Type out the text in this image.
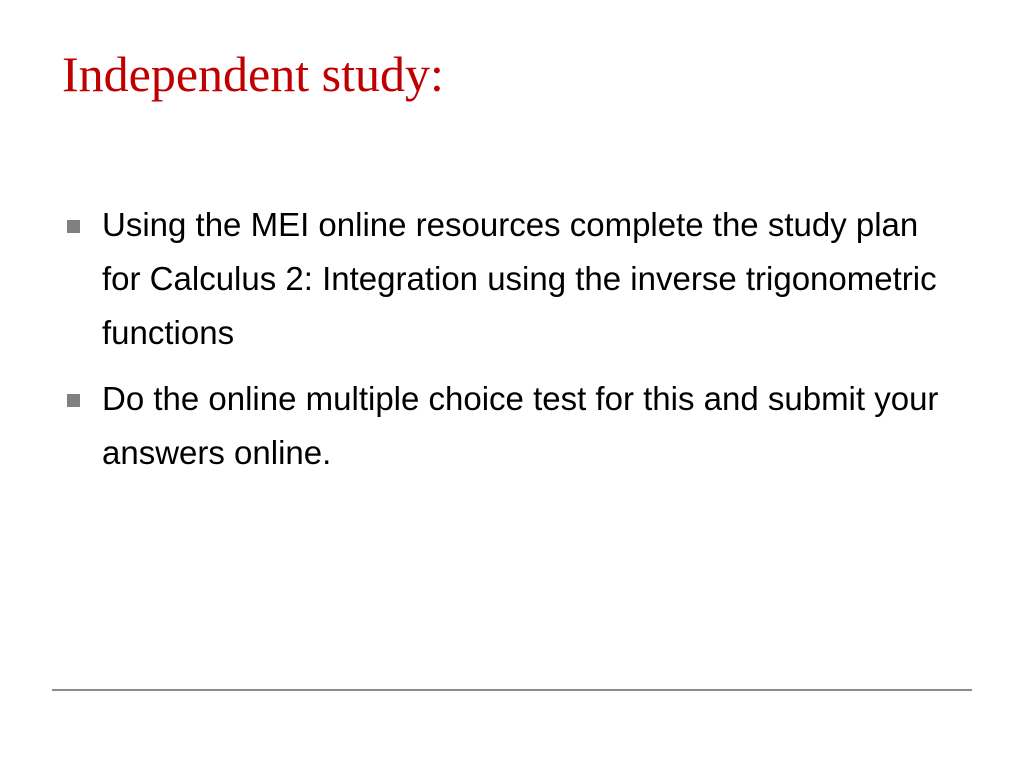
Independent study:
Using the MEI online resources complete the study plan for Calculus 2: Integration using the inverse trigonometric functions
Do the online multiple choice test for this and submit your answers online.
